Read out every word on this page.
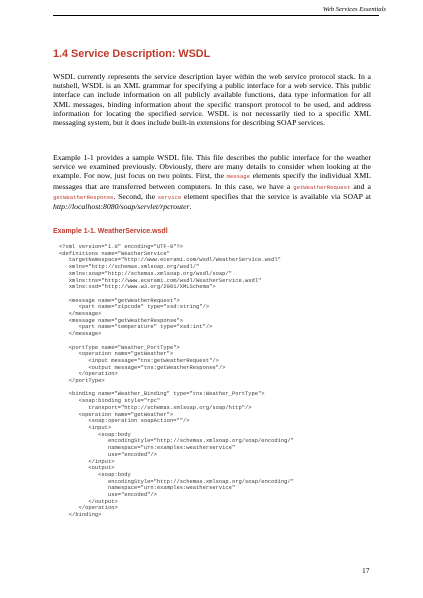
Web Services Essentials
1.4 Service Description: WSDL
WSDL currently represents the service description layer within the web service protocol stack. In a nutshell, WSDL is an XML grammar for specifying a public interface for a web service. This public interface can include information on all publicly available functions, data type information for all XML messages, binding information about the specific transport protocol to be used, and address information for locating the specified service. WSDL is not necessarily tied to a specific XML messaging system, but it does include built-in extensions for describing SOAP services.
Example 1-1 provides a sample WSDL file. This file describes the public interface for the weather service we examined previously. Obviously, there are many details to consider when looking at the example. For now, just focus on two points. First, the message elements specify the individual XML messages that are transferred between computers. In this case, we have a getWeatherRequest and a getWeatherResponse. Second, the service element specifies that the service is available via SOAP at http://localhost:8080/soap/servlet/rpcrouter.
Example 1-1. WeatherService.wsdl
<?xml version="1.0" encoding="UTF-8"?>
<definitions name="WeatherService"
targetNamespace="http://www.ecerami.com/wsdl/WeatherService.wsdl"
xmlns="http://schemas.xmlsoap.org/wsdl/"
xmlns:soap="http://schemas.xmlsoap.org/wsdl/soap/"
xmlns:tns="http://www.ecerami.com/wsdl/WeatherService.wsdl"
xmlns:xsd="http://www.w3.org/2001/XMLSchema">

<message name="getWeatherRequest">
<part name="zipcode" type="xsd:string"/>
</message>
<message name="getWeatherResponse">
<part name="temperature" type="xsd:int"/>
</message>

<portType name="Weather_PortType">
<operation name="getWeather">
<input message="tns:getWeatherRequest"/>
<output message="tns:getWeatherResponse"/>
</operation>
</portType>

<binding name="Weather_Binding" type="tns:Weather_PortType">
<soap:binding style="rpc"
transport="http://schemas.xmlsoap.org/soap/http"/>
<operation name="getWeather">
<soap:operation soapAction=""/>
<input>
<soap:body
encodingStyle="http://schemas.xmlsoap.org/soap/encoding/"
namespace="urn:examples:weatherservice"
use="encoded"/>
</input>
<output>
<soap:body
encodingStyle="http://schemas.xmlsoap.org/soap/encoding/"
namespace="urn:examples:weatherservice"
use="encoded"/>
</output>
</operation>
</binding>
17
